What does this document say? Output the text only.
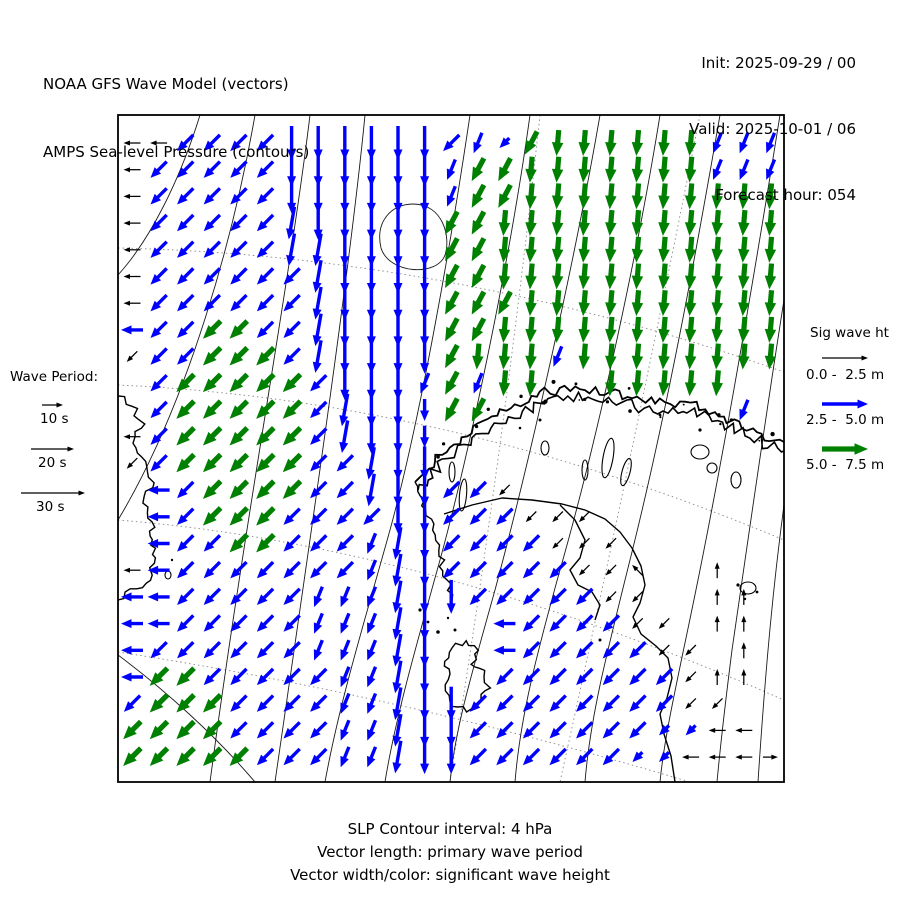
NOAA GFS Wave Model (vectors)

AMPS Sea-level Pressure (contours)

Init: 2025-09-29 / 00

Valid: 2025-10-01 / 06

Forecast hour: 054

Wave Period:
10 s
20 s
30 s
Sig wave ht
0.0 -  2.5 m
2.5 -  5.0 m
5.0 -  7.5 m
SLP Contour interval: 4 hPa
Vector length: primary wave period
Vector width/color: significant wave height
